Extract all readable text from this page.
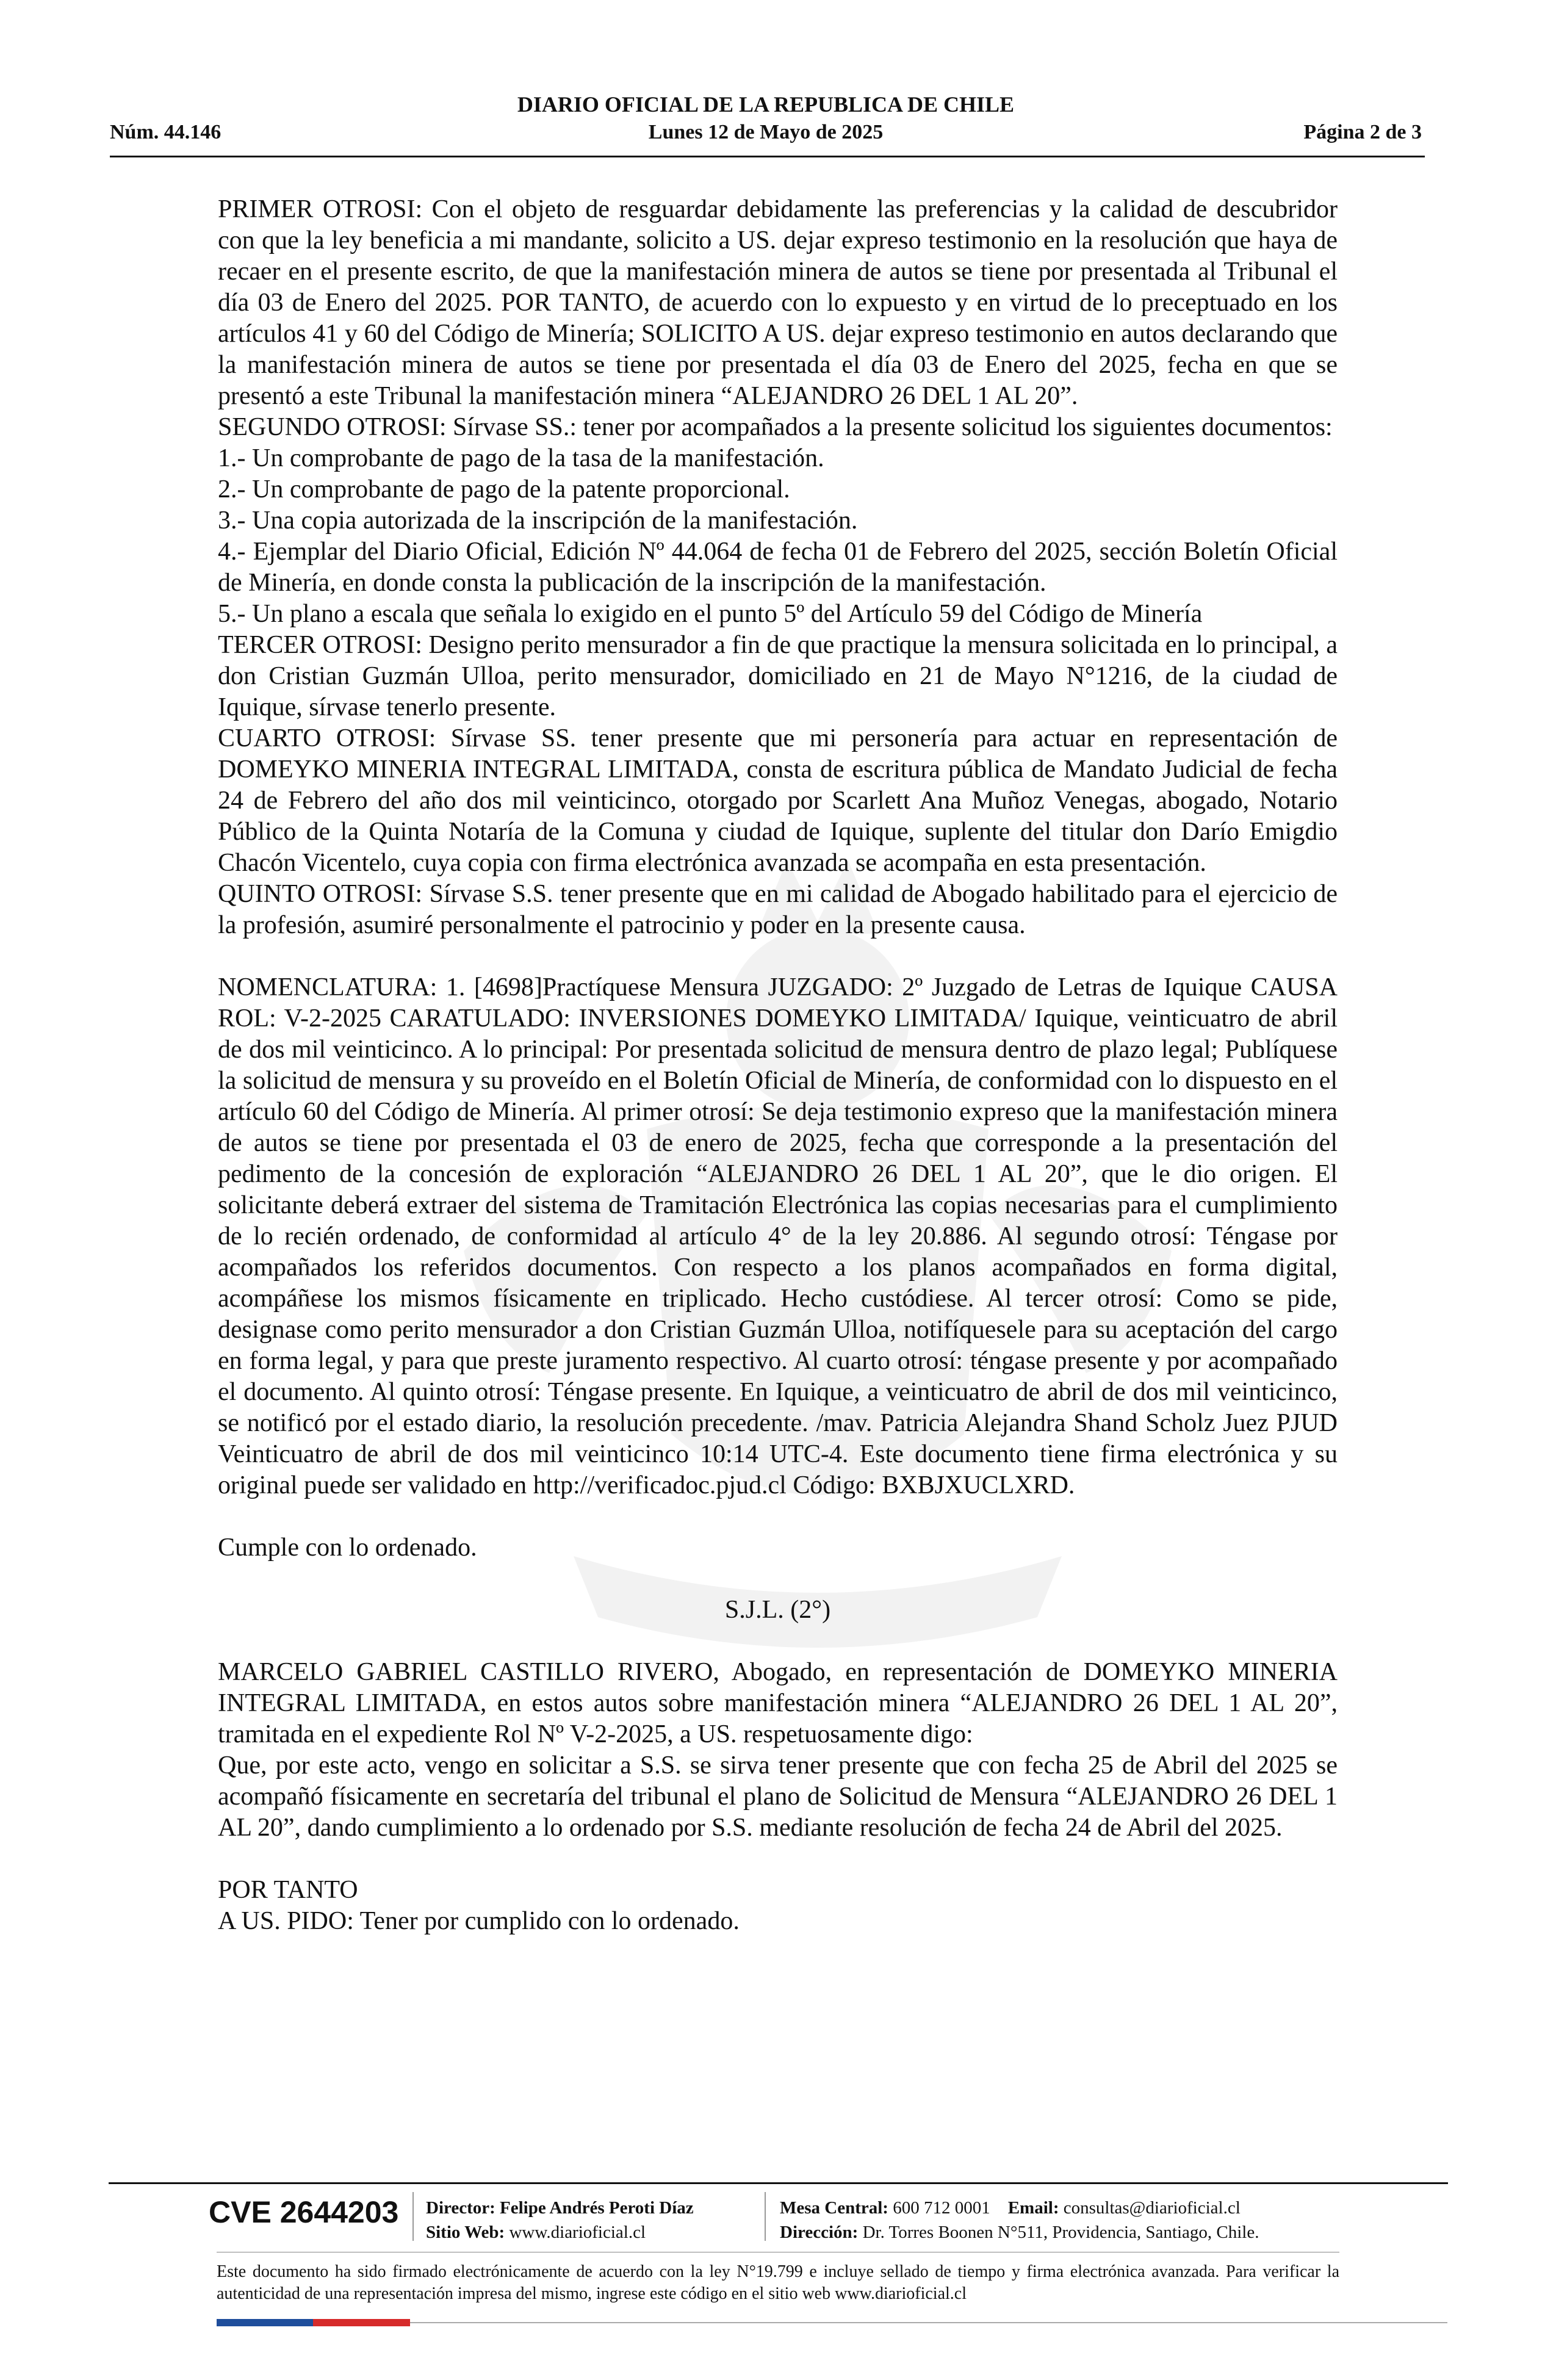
DIARIO OFICIAL DE LA REPUBLICA DE CHILE
Núm. 44.146	Lunes 12 de Mayo de 2025	Página 2 de 3

PRIMER OTROSI: Con el objeto de resguardar debidamente las preferencias y la calidad de descubridor con que la ley beneficia a mi mandante, solicito a US. dejar expreso testimonio en la resolución que haya de recaer en el presente escrito, de que la manifestación minera de autos se tiene por presentada al Tribunal el día 03 de Enero del 2025. POR TANTO, de acuerdo con lo expuesto y en virtud de lo preceptuado en los artículos 41 y 60 del Código de Minería; SOLICITO A US. dejar expreso testimonio en autos declarando que la manifestación minera de autos se tiene por presentada el día 03 de Enero del 2025, fecha en que se presentó a este Tribunal la manifestación minera “ALEJANDRO 26 DEL 1 AL 20”.

SEGUNDO OTROSI: Sírvase SS.: tener por acompañados a la presente solicitud los siguientes documentos:

1.- Un comprobante de pago de la tasa de la manifestación.

2.- Un comprobante de pago de la patente proporcional.

3.- Una copia autorizada de la inscripción de la manifestación.

4.- Ejemplar del Diario Oficial, Edición Nº 44.064 de fecha 01 de Febrero del 2025, sección Boletín Oficial de Minería, en donde consta la publicación de la inscripción de la manifestación.

5.- Un plano a escala que señala lo exigido en el punto 5º del Artículo 59 del Código de Minería

TERCER OTROSI: Designo perito mensurador a fin de que practique la mensura solicitada en lo principal, a don Cristian Guzmán Ulloa, perito mensurador, domiciliado en 21 de Mayo N°1216, de la ciudad de Iquique, sírvase tenerlo presente.

CUARTO OTROSI: Sírvase SS. tener presente que mi personería para actuar en representación de DOMEYKO MINERIA INTEGRAL LIMITADA, consta de escritura pública de Mandato Judicial de fecha 24 de Febrero del año dos mil veinticinco, otorgado por Scarlett Ana Muñoz Venegas, abogado, Notario Público de la Quinta Notaría de la Comuna y ciudad de Iquique, suplente del titular don Darío Emigdio Chacón Vicentelo, cuya copia con firma electrónica avanzada se acompaña en esta presentación.

QUINTO OTROSI: Sírvase S.S. tener presente que en mi calidad de Abogado habilitado para el ejercicio de la profesión, asumiré personalmente el patrocinio y poder en la presente causa.

NOMENCLATURA: 1. [4698]Practíquese Mensura JUZGADO: 2º Juzgado de Letras de Iquique CAUSA ROL: V-2-2025 CARATULADO: INVERSIONES DOMEYKO LIMITADA/ Iquique, veinticuatro de abril de dos mil veinticinco. A lo principal: Por presentada solicitud de mensura dentro de plazo legal; Publíquese la solicitud de mensura y su proveído en el Boletín Oficial de Minería, de conformidad con lo dispuesto en el artículo 60 del Código de Minería. Al primer otrosí: Se deja testimonio expreso que la manifestación minera de autos se tiene por presentada el 03 de enero de 2025, fecha que corresponde a la presentación del pedimento de la concesión de exploración “ALEJANDRO 26 DEL 1 AL 20”, que le dio origen. El solicitante deberá extraer del sistema de Tramitación Electrónica las copias necesarias para el cumplimiento de lo recién ordenado, de conformidad al artículo 4° de la ley 20.886. Al segundo otrosí: Téngase por acompañados los referidos documentos. Con respecto a los planos acompañados en forma digital, acompáñese los mismos físicamente en triplicado. Hecho custódiese. Al tercer otrosí: Como se pide, designase como perito mensurador a don Cristian Guzmán Ulloa, notifíquesele para su aceptación del cargo en forma legal, y para que preste juramento respectivo. Al cuarto otrosí: téngase presente y por acompañado el documento. Al quinto otrosí: Téngase presente. En Iquique, a veinticuatro de abril de dos mil veinticinco, se notificó por el estado diario, la resolución precedente. /mav. Patricia Alejandra Shand Scholz Juez PJUD Veinticuatro de abril de dos mil veinticinco 10:14 UTC-4. Este documento tiene firma electrónica y su original puede ser validado en http://verificadoc.pjud.cl Código: BXBJXUCLXRD.

Cumple con lo ordenado.

S.J.L. (2°)

MARCELO GABRIEL CASTILLO RIVERO, Abogado, en representación de DOMEYKO MINERIA INTEGRAL LIMITADA, en estos autos sobre manifestación minera “ALEJANDRO 26 DEL 1 AL 20”, tramitada en el expediente Rol Nº V-2-2025, a US. respetuosamente digo:

Que, por este acto, vengo en solicitar a S.S. se sirva tener presente que con fecha 25 de Abril del 2025 se acompañó físicamente en secretaría del tribunal el plano de Solicitud de Mensura “ALEJANDRO 26 DEL 1 AL 20”, dando cumplimiento a lo ordenado por S.S. mediante resolución de fecha 24 de Abril del 2025.

POR TANTO

A US. PIDO: Tener por cumplido con lo ordenado.

CVE 2644203 Director: Felipe Andrés Peroti Díaz
Sitio Web: www.diarioficial.cl
Mesa Central: 600 712 0001 Email: consultas@diarioficial.cl
Dirección: Dr. Torres Boonen N°511, Providencia, Santiago, Chile.
Este documento ha sido firmado electrónicamente de acuerdo con la ley N°19.799 e incluye sellado de tiempo y firma electrónica avanzada. Para verificar la autenticidad de una representación impresa del mismo, ingrese este código en el sitio web www.diarioficial.cl
